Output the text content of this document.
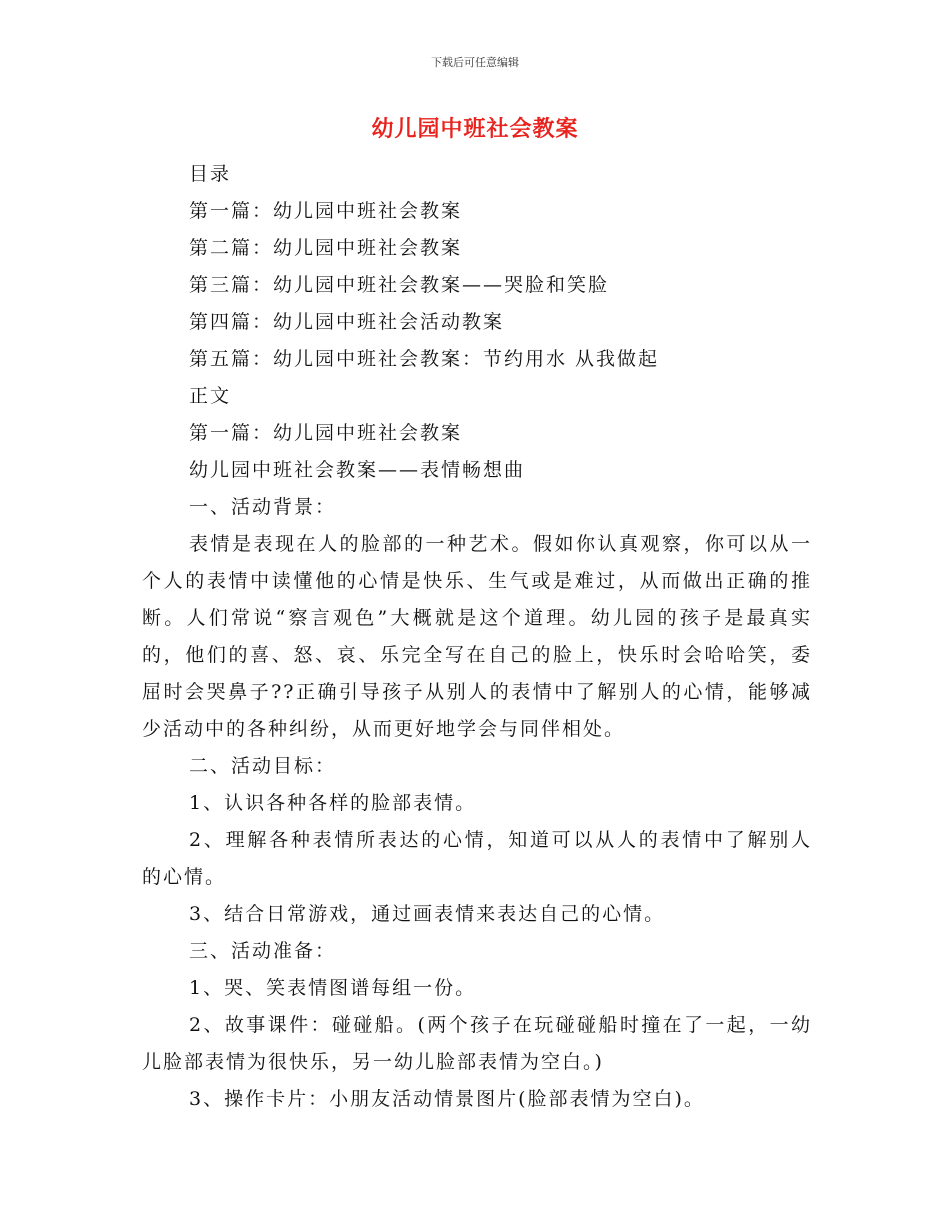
下载后可任意编辑
幼儿园中班社会教案
目录
第一篇：幼儿园中班社会教案
第二篇：幼儿园中班社会教案
第三篇：幼儿园中班社会教案——哭脸和笑脸
第四篇：幼儿园中班社会活动教案
第五篇：幼儿园中班社会教案：节约用水 从我做起
正文
第一篇：幼儿园中班社会教案
幼儿园中班社会教案——表情畅想曲
一、活动背景：

表情是表现在人的脸部的一种艺术。假如你认真观察，你可以从一个人的表情中读懂他的心情是快乐、生气或是难过，从而做出正确的推断。人们常说“察言观色”大概就是这个道理。幼儿园的孩子是最真实的，他们的喜、怒、哀、乐完全写在自己的脸上，快乐时会哈哈笑，委屈时会哭鼻子??正确引导孩子从别人的表情中了解别人的心情，能够减少活动中的各种纠纷，从而更好地学会与同伴相处。

二、活动目标：
1、认识各种各样的脸部表情。

2、理解各种表情所表达的心情，知道可以从人的表情中了解别人的心情。

3、结合日常游戏，通过画表情来表达自己的心情。
三、活动准备：
1、哭、笑表情图谱每组一份。

2、故事课件：碰碰船。(两个孩子在玩碰碰船时撞在了一起，一幼儿脸部表情为很快乐，另一幼儿脸部表情为空白。)

3、操作卡片：小朋友活动情景图片(脸部表情为空白)。
